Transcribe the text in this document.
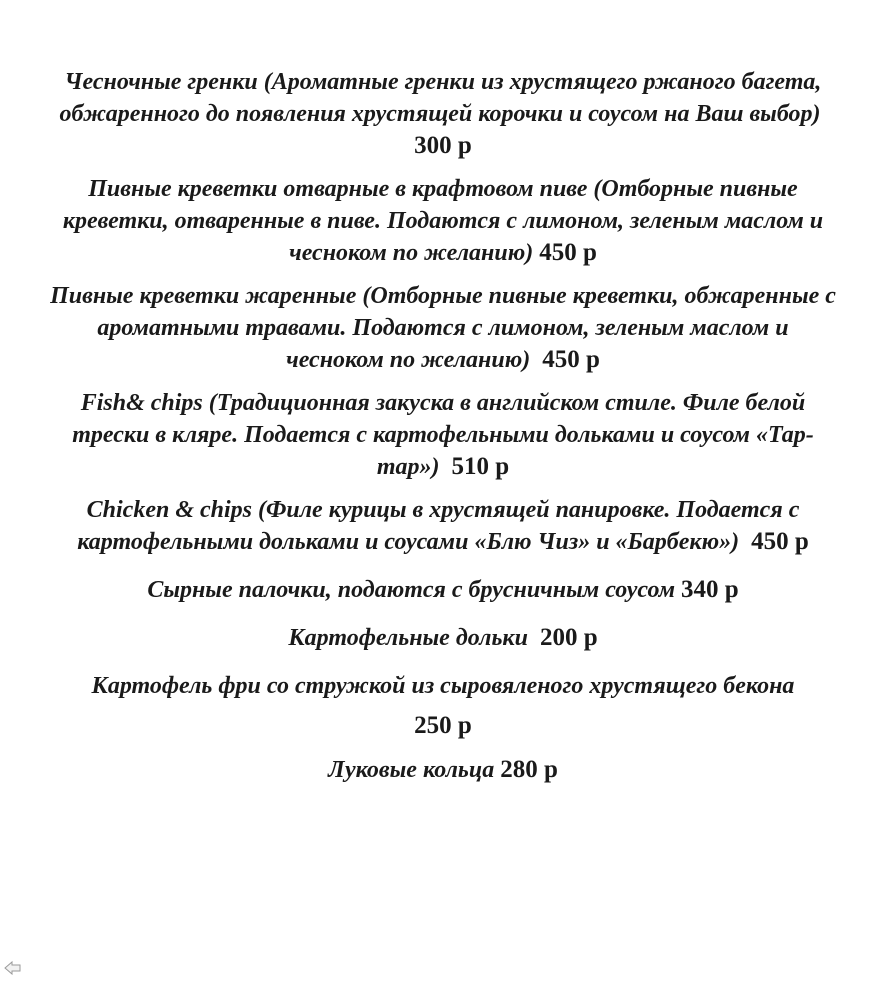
Чесночные гренки (Ароматные гренки из хрустящего ржаного багета, обжаренного до появления хрустящей корочки и соусом на Ваш выбор)  300 р

Пивные креветки отварные в крафтовом пиве (Отборные пивные креветки, отваренные в пиве. Подаются с лимоном, зеленым маслом и чесноком по желанию) 450 р

Пивные креветки жаренные (Отборные пивные креветки, обжаренные с ароматными травами. Подаются с лимоном, зеленым маслом и чесноком по желанию) 450 р

Fish& chips (Традиционная закуска в английском стиле. Филе белой трески в кляре. Подается с картофельными дольками и соусом «Тар-тар») 510 р

Chicken & chips (Филе курицы в хрустящей панировке. Подается с картофельными дольками и соусами «Блю Чиз» и «Барбекю») 450 р

Сырные палочки, подаются с брусничным соусом 340 р

Картофельные дольки 200 р

Картофель фри со стружкой из сыровяленого хрустящего бекона

250 р

Луковые кольца 280 р
